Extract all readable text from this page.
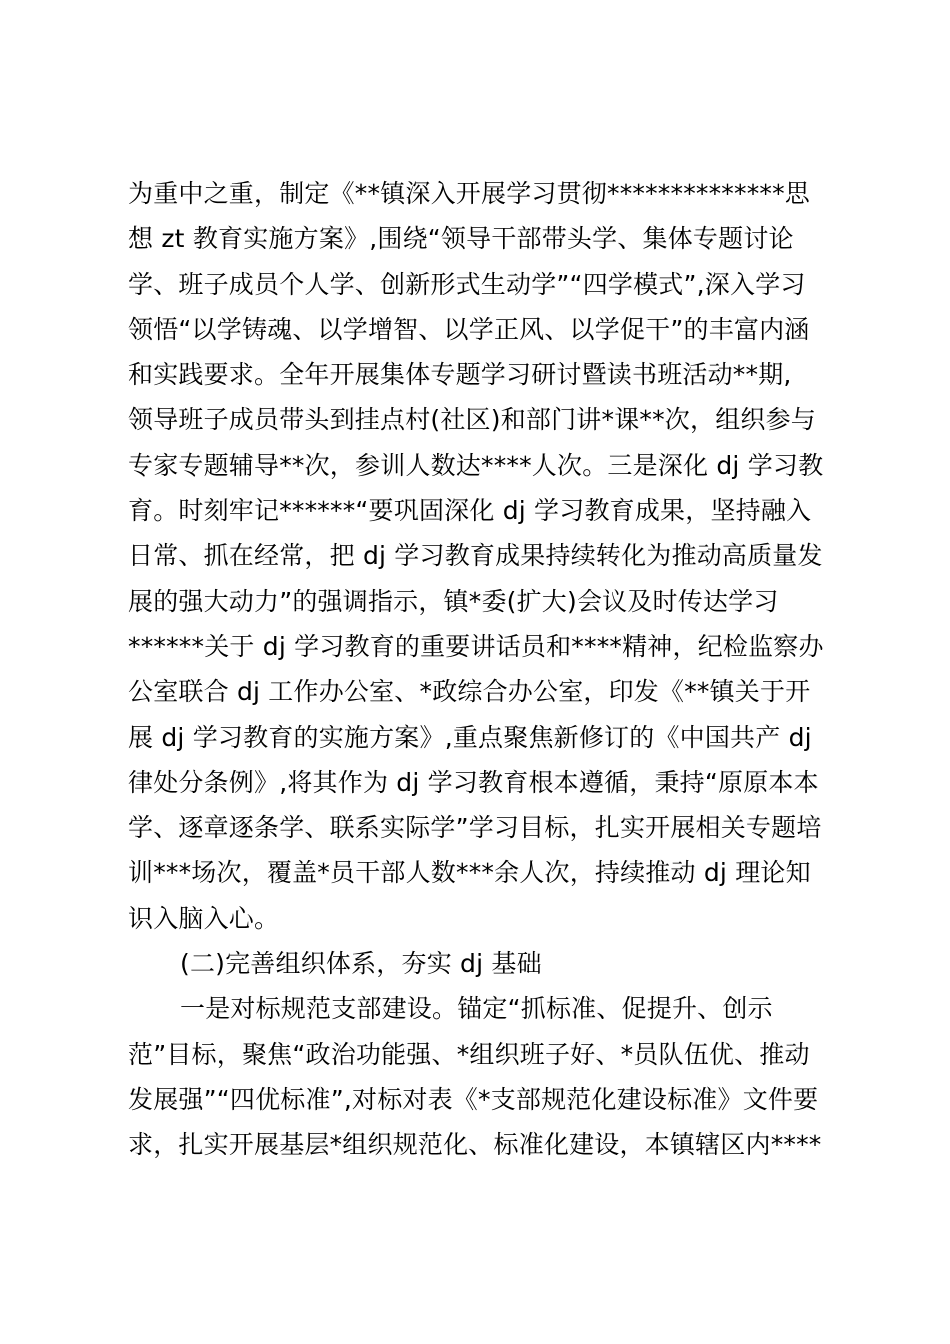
为重中之重，制定《**镇深入开展学习贯彻**************思
想 zt 教育实施方案》,围绕“领导干部带头学、集体专题讨论
学、班子成员个人学、创新形式生动学”“四学模式”,深入学习
领悟“以学铸魂、以学增智、以学正风、以学促干”的丰富内涵
和实践要求。全年开展集体专题学习研讨暨读书班活动**期,
领导班子成员带头到挂点村(社区)和部门讲*课**次，组织参与
专家专题辅导**次，参训人数达****人次。三是深化 dj 学习教
育。时刻牢记******“要巩固深化 dj 学习教育成果，坚持融入
日常、抓在经常，把 dj 学习教育成果持续转化为推动高质量发
展的强大动力”的强调指示，镇*委(扩大)会议及时传达学习
******关于 dj 学习教育的重要讲话员和****精神，纪检监察办
公室联合 dj 工作办公室、*政综合办公室，印发《**镇关于开
展 dj 学习教育的实施方案》,重点聚焦新修订的《中国共产 dj
律处分条例》,将其作为 dj 学习教育根本遵循，秉持“原原本本
学、逐章逐条学、联系实际学”学习目标，扎实开展相关专题培
训***场次，覆盖*员干部人数***余人次，持续推动 dj 理论知
识入脑入心。
(二)完善组织体系，夯实 dj 基础
一是对标规范支部建设。锚定“抓标准、促提升、创示
范”目标，聚焦“政治功能强、*组织班子好、*员队伍优、推动
发展强”“四优标准”,对标对表《*支部规范化建设标准》文件要
求，扎实开展基层*组织规范化、标准化建设，本镇辖区内****
